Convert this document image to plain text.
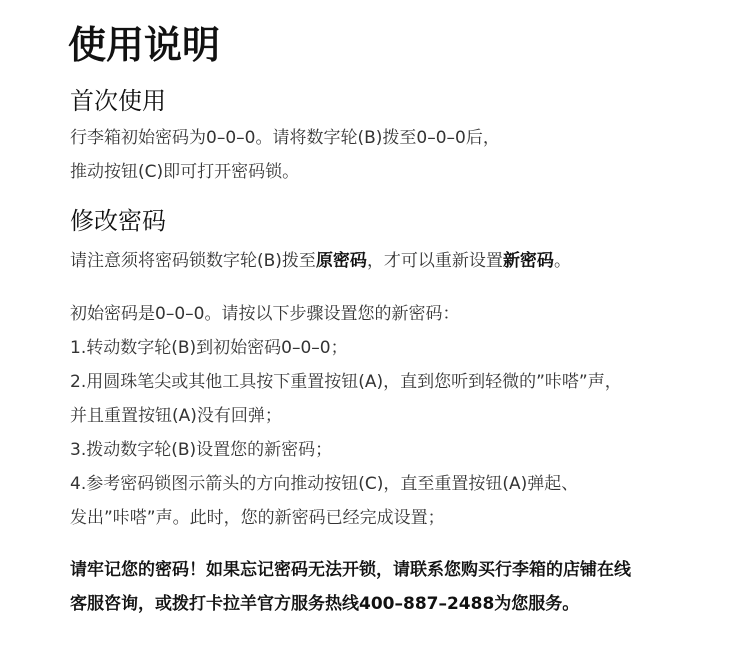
使用说明
首次使用
行李箱初始密码为0–0–0。请将数字轮(B)拨至0–0–0后，
推动按钮(C)即可打开密码锁。
修改密码
请注意须将密码锁数字轮(B)拨至原密码，才可以重新设置新密码。
初始密码是0–0–0。请按以下步骤设置您的新密码：
1.转动数字轮(B)到初始密码0–0–0；
2.用圆珠笔尖或其他工具按下重置按钮(A)，直到您听到轻微的”咔嗒”声，
并且重置按钮(A)没有回弹；
3.拨动数字轮(B)设置您的新密码；
4.参考密码锁图示箭头的方向推动按钮(C)，直至重置按钮(A)弹起、
发出”咔嗒”声。此时，您的新密码已经完成设置；
请牢记您的密码！如果忘记密码无法开锁，请联系您购买行李箱的店铺在线
客服咨询，或拨打卡拉羊官方服务热线400–887–2488为您服务。
